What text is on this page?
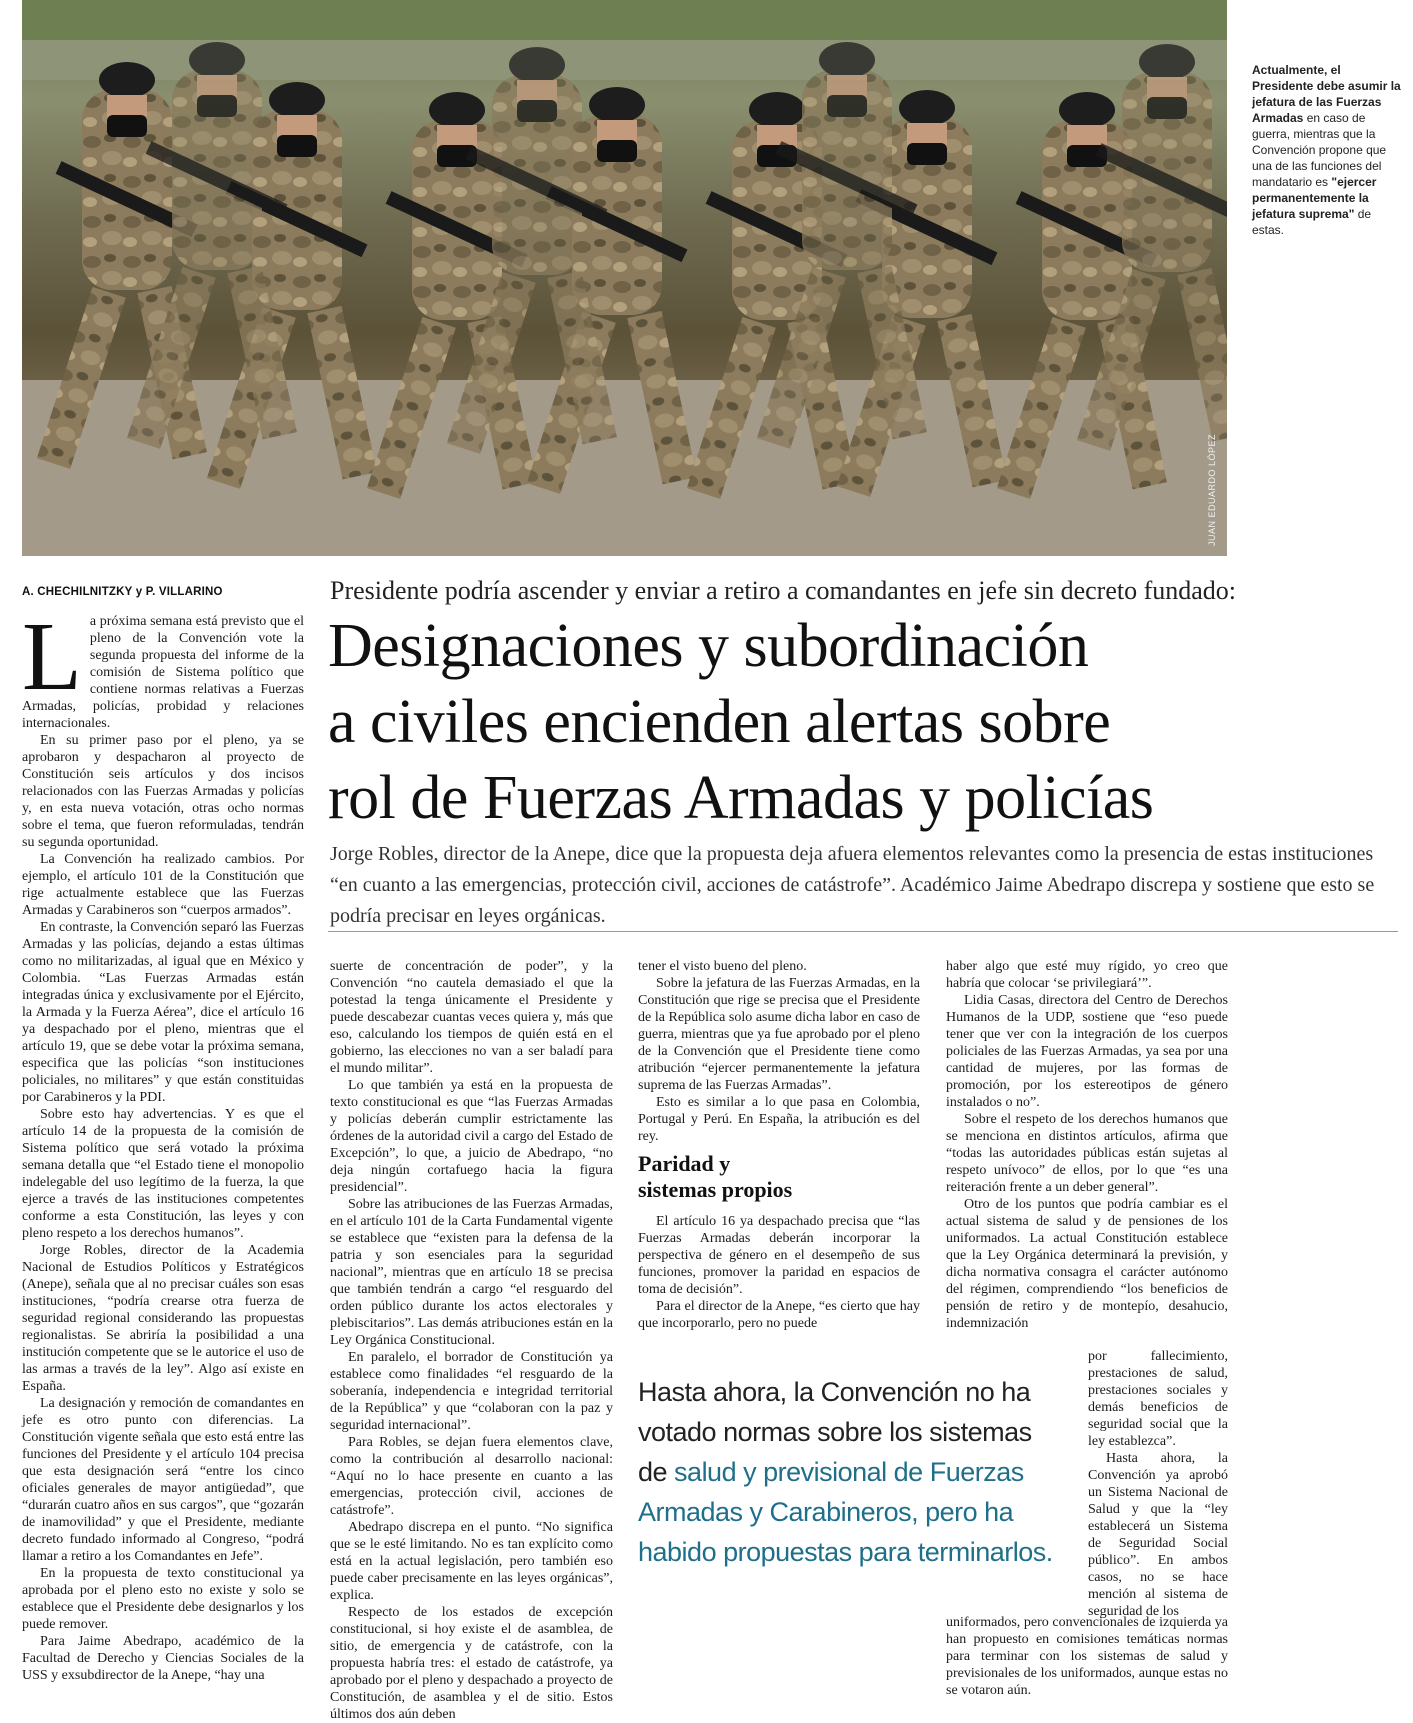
JUAN EDUARDO LÓPEZ
Actualmente, el Presidente debe asumir la jefatura de las Fuerzas Armadas en caso de guerra, mientras que la Convención propone que una de las funciones del mandatario es "ejercer permanentemente la jefatura suprema" de estas.
A. CHECHILNITZKY y P. VILLARINO	Presidente podría ascender y enviar a retiro a comandantes en jefe sin decreto fundado:
Designaciones y subordinación
a civiles encienden alertas sobre
rol de Fuerzas Armadas y policías
Jorge Robles, director de la Anepe, dice que la propuesta deja afuera elementos relevantes como la presencia de estas instituciones “en cuanto a las emergencias, protección civil, acciones de catástrofe”. Académico Jaime Abedrapo discrepa y sostiene que esto se podría precisar en leyes orgánicas.
L a próxima semana está previsto que el pleno de la Convención vote la segunda propuesta del informe de la comisión de Sistema político que contiene normas relativas a Fuerzas Armadas, policías, probidad y relaciones internacionales.

En su primer paso por el pleno, ya se aprobaron y despacharon al proyecto de Constitución seis artículos y dos incisos relacionados con las Fuerzas Armadas y policías y, en esta nueva votación, otras ocho normas sobre el tema, que fueron reformuladas, tendrán su segunda oportunidad.

La Convención ha realizado cambios. Por ejemplo, el artículo 101 de la Constitución que rige actualmente establece que las Fuerzas Armadas y Carabineros son “cuerpos armados”.

En contraste, la Convención separó las Fuerzas Armadas y las policías, dejando a estas últimas como no militarizadas, al igual que en México y Colombia. “Las Fuerzas Armadas están integradas única y exclusivamente por el Ejército, la Armada y la Fuerza Aérea”, dice el artículo 16 ya despachado por el pleno, mientras que el artículo 19, que se debe votar la próxima semana, especifica que las policías “son instituciones policiales, no militares” y que están constituidas por Carabineros y la PDI.

Sobre esto hay advertencias. Y es que el artículo 14 de la propuesta de la comisión de Sistema político que será votado la próxima semana detalla que “el Estado tiene el monopolio indelegable del uso legítimo de la fuerza, la que ejerce a través de las instituciones competentes conforme a esta Constitución, las leyes y con pleno respeto a los derechos humanos”.

Jorge Robles, director de la Academia Nacional de Estudios Políticos y Estratégicos (Anepe), señala que al no precisar cuáles son esas instituciones, “podría crearse otra fuerza de seguridad regional considerando las propuestas regionalistas. Se abriría la posibilidad a una institución competente que se le autorice el uso de las armas a través de la ley”. Algo así existe en España.

La designación y remoción de comandantes en jefe es otro punto con diferencias. La Constitución vigente señala que esto está entre las funciones del Presidente y el artículo 104 precisa que esta designación será “entre los cinco oficiales generales de mayor antigüedad”, que “durarán cuatro años en sus cargos”, que “gozarán de inamovilidad” y que el Presidente, mediante decreto fundado informado al Congreso, “podrá llamar a retiro a los Comandantes en Jefe”.

En la propuesta de texto constitucional ya aprobada por el pleno esto no existe y solo se establece que el Presidente debe designarlos y los puede remover.

Para Jaime Abedrapo, académico de la Facultad de Derecho y Ciencias Sociales de la USS y exsubdirector de la Anepe, “hay una

suerte de concentración de poder”, y la Convención “no cautela demasiado el que la potestad la tenga únicamente el Presidente y puede descabezar cuantas veces quiera y, más que eso, calculando los tiempos de quién está en el gobierno, las elecciones no van a ser baladí para el mundo militar”.

Lo que también ya está en la propuesta de texto constitucional es que “las Fuerzas Armadas y policías deberán cumplir estrictamente las órdenes de la autoridad civil a cargo del Estado de Excepción”, lo que, a juicio de Abedrapo, “no deja ningún cortafuego hacia la figura presidencial”.

Sobre las atribuciones de las Fuerzas Armadas, en el artículo 101 de la Carta Fundamental vigente se establece que “existen para la defensa de la patria y son esenciales para la seguridad nacional”, mientras que en artículo 18 se precisa que también tendrán a cargo “el resguardo del orden público durante los actos electorales y plebiscitarios”. Las demás atribuciones están en la Ley Orgánica Constitucional.

En paralelo, el borrador de Constitución ya establece como finalidades “el resguardo de la soberanía, independencia e integridad territorial de la República” y que “colaboran con la paz y seguridad internacional”.

Para Robles, se dejan fuera elementos clave, como la contribución al desarrollo nacional: “Aquí no lo hace presente en cuanto a las emergencias, protección civil, acciones de catástrofe”.

Abedrapo discrepa en el punto. “No significa que se le esté limitando. No es tan explícito como está en la actual legislación, pero también eso puede caber precisamente en las leyes orgánicas”, explica.

Respecto de los estados de excepción constitucional, si hoy existe el de asamblea, de sitio, de emergencia y de catástrofe, con la propuesta habría tres: el estado de catástrofe, ya aprobado por el pleno y despachado a proyecto de Constitución, de asamblea y el de sitio. Estos últimos dos aún deben

tener el visto bueno del pleno.

Sobre la jefatura de las Fuerzas Armadas, en la Constitución que rige se precisa que el Presidente de la República solo asume dicha labor en caso de guerra, mientras que ya fue aprobado por el pleno de la Convención que el Presidente tiene como atribución “ejercer permanentemente la jefatura suprema de las Fuerzas Armadas”.

Esto es similar a lo que pasa en Colombia, Portugal y Perú. En España, la atribución es del rey.

Paridad y
sistemas propios

El artículo 16 ya despachado precisa que “las Fuerzas Armadas deberán incorporar la perspectiva de género en el desempeño de sus funciones, promover la paridad en espacios de toma de decisión”.

Para el director de la Anepe, “es cierto que hay que incorporarlo, pero no puede

haber algo que esté muy rígido, yo creo que habría que colocar ‘se privilegiará’”.

Lidia Casas, directora del Centro de Derechos Humanos de la UDP, sostiene que “eso puede tener que ver con la integración de los cuerpos policiales de las Fuerzas Armadas, ya sea por una cantidad de mujeres, por las formas de promoción, por los estereotipos de género instalados o no”.

Sobre el respeto de los derechos humanos que se menciona en distintos artículos, afirma que “todas las autoridades públicas están sujetas al respeto unívoco” de ellos, por lo que “es una reiteración frente a un deber general”.

Otro de los puntos que podría cambiar es el actual sistema de salud y de pensiones de los uniformados. La actual Constitución establece que la Ley Orgánica determinará la previsión, y dicha normativa consagra el carácter autónomo del régimen, comprendiendo “los beneficios de pensión de retiro y de montepío, desahucio, indemnización

por fallecimiento, prestaciones de salud, prestaciones sociales y demás beneficios de seguridad social que la ley establezca”.

Hasta ahora, la Convención ya aprobó un Sistema Nacional de Salud y que la “ley establecerá un Sistema de Seguridad Social público”. En ambos casos, no se hace mención al sistema de seguridad de los

uniformados, pero convencionales de izquierda ya han propuesto en comisiones temáticas normas para terminar con los sistemas de salud y previsionales de los uniformados, aunque estas no se votaron aún.

Hasta ahora, la Convención no ha votado normas sobre los sistemas de salud y previsional de Fuerzas Armadas y Carabineros, pero ha habido propuestas para terminarlos.
